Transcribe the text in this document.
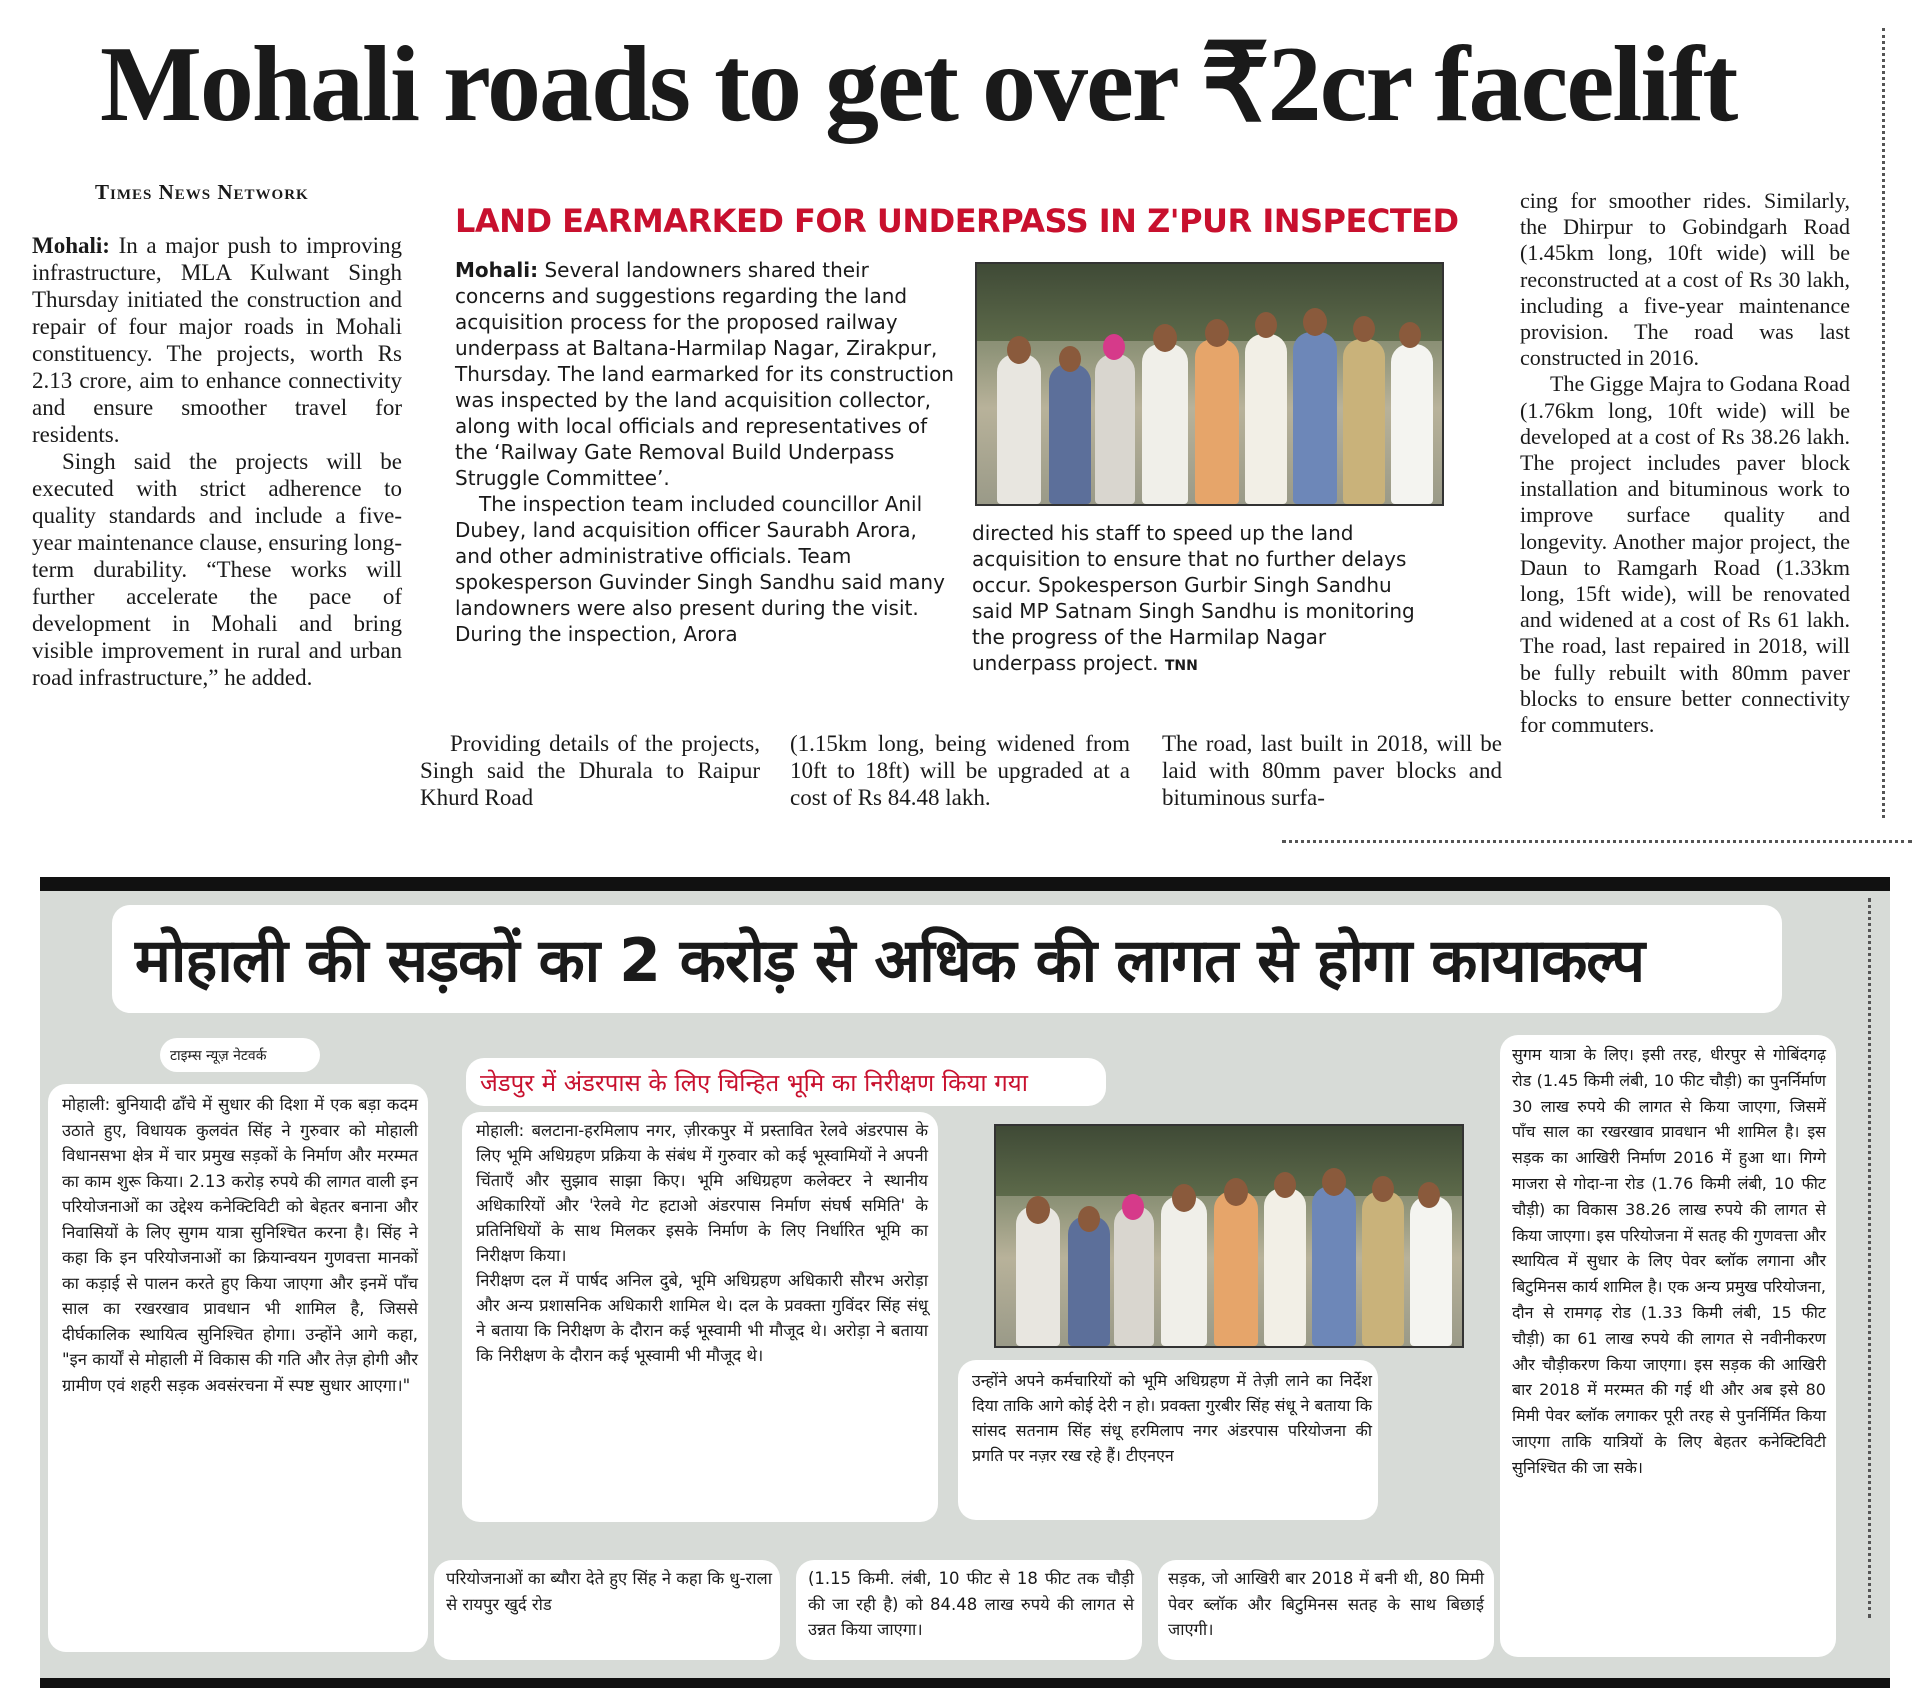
Mohali roads to get over ₹2cr facelift
Times News Network

Mohali: In a major push to improving infrastructure, MLA Kulwant Singh Thursday initiated the construction and repair of four major roads in Mohali constituency. The projects, worth Rs 2.13 crore, aim to enhance connectivity and ensure smoother travel for residents.

Singh said the projects will be executed with strict adherence to quality standards and include a five-year maintenance clause, ensuring long-term durability. “These works will further accelerate the pace of development in Mohali and bring visible improvement in rural and urban road infrastructure,” he added.

LAND EARMARKED FOR UNDERPASS IN Z'PUR INSPECTED

Mohali: Several landowners shared their concerns and suggestions regarding the land acquisition process for the proposed railway underpass at Baltana-Harmilap Nagar, Zirakpur, Thursday. The land earmarked for its construction was inspected by the land acquisition collector, along with local officials and representatives of the ‘Railway Gate Removal Build Underpass Struggle Committee’.

The inspection team included councillor Anil Dubey, land acquisition officer Saurabh Arora, and other administrative officials. Team spokesperson Guvinder Singh Sandhu said many landowners were also present during the visit. During the inspection, Arora

directed his staff to speed up the land acquisition to ensure that no further delays occur. Spokesperson Gurbir Singh Sandhu said MP Satnam Singh Sandhu is monitoring the progress of the Harmilap Nagar underpass project. TNN

Providing details of the projects, Singh said the Dhurala to Raipur Khurd Road

(1.15km long, being widened from 10ft to 18ft) will be upgraded at a cost of Rs 84.48 lakh.

The road, last built in 2018, will be laid with 80mm paver blocks and bituminous surfa-

cing for smoother rides. Similarly, the Dhirpur to Gobindgarh Road (1.45km long, 10ft wide) will be reconstructed at a cost of Rs 30 lakh, including a five-year maintenance provision. The road was last constructed in 2016.

The Gigge Majra to Godana Road (1.76km long, 10ft wide) will be developed at a cost of Rs 38.26 lakh. The project includes paver block installation and bituminous work to improve surface quality and longevity. Another major project, the Daun to Ramgarh Road (1.33km long, 15ft wide), will be renovated and widened at a cost of Rs 61 lakh. The road, last repaired in 2018, will be fully rebuilt with 80mm paver blocks to ensure better connectivity for commuters.

मोहाली की सड़कों का 2 करोड़ से अधिक की लागत से होगा कायाकल्प
टाइम्स न्यूज़ नेटवर्क
जेडपुर में अंडरपास के लिए चिन्हित भूमि का निरीक्षण किया गया

मोहाली: बुनियादी ढाँचे में सुधार की दिशा में एक बड़ा कदम उठाते हुए, विधायक कुलवंत सिंह ने गुरुवार को मोहाली विधानसभा क्षेत्र में चार प्रमुख सड़कों के निर्माण और मरम्मत का काम शुरू किया। 2.13 करोड़ रुपये की लागत वाली इन परियोजनाओं का उद्देश्य कनेक्टिविटी को बेहतर बनाना और निवासियों के लिए सुगम यात्रा सुनिश्चित करना है। सिंह ने कहा कि इन परियोजनाओं का क्रियान्वयन गुणवत्ता मानकों का कड़ाई से पालन करते हुए किया जाएगा और इनमें पाँच साल का रखरखाव प्रावधान भी शामिल है, जिससे दीर्घकालिक स्थायित्व सुनिश्चित होगा। उन्होंने आगे कहा, "इन कार्यों से मोहाली में विकास की गति और तेज़ होगी और ग्रामीण एवं शहरी सड़क अवसंरचना में स्पष्ट सुधार आएगा।"

मोहाली: बलटाना-हरमिलाप नगर, ज़ीरकपुर में प्रस्तावित रेलवे अंडरपास के लिए भूमि अधिग्रहण प्रक्रिया के संबंध में गुरुवार को कई भूस्वामियों ने अपनी चिंताएँ और सुझाव साझा किए। भूमि अधिग्रहण कलेक्टर ने स्थानीय अधिकारियों और 'रेलवे गेट हटाओ अंडरपास निर्माण संघर्ष समिति' के प्रतिनिधियों के साथ मिलकर इसके निर्माण के लिए निर्धारित भूमि का निरीक्षण किया।

निरीक्षण दल में पार्षद अनिल दुबे, भूमि अधिग्रहण अधिकारी सौरभ अरोड़ा और अन्य प्रशासनिक अधिकारी शामिल थे। दल के प्रवक्ता गुविंदर सिंह संधू ने बताया कि निरीक्षण के दौरान कई भूस्वामी भी मौजूद थे। अरोड़ा ने बताया कि निरीक्षण के दौरान कई भूस्वामी भी मौजूद थे।

उन्होंने अपने कर्मचारियों को भूमि अधिग्रहण में तेज़ी लाने का निर्देश दिया ताकि आगे कोई देरी न हो। प्रवक्ता गुरबीर सिंह संधू ने बताया कि सांसद सतनाम सिंह संधू हरमिलाप नगर अंडरपास परियोजना की प्रगति पर नज़र रख रहे हैं। टीएनएन

परियोजनाओं का ब्यौरा देते हुए सिंह ने कहा कि धु-राला से रायपुर खुर्द रोड

(1.15 किमी. लंबी, 10 फीट से 18 फीट तक चौड़ी की जा रही है) को 84.48 लाख रुपये की लागत से उन्नत किया जाएगा।

सड़क, जो आखिरी बार 2018 में बनी थी, 80 मिमी पेवर ब्लॉक और बिटुमिनस सतह के साथ बिछाई जाएगी।

सुगम यात्रा के लिए। इसी तरह, धीरपुर से गोबिंदगढ़ रोड (1.45 किमी लंबी, 10 फीट चौड़ी) का पुनर्निर्माण 30 लाख रुपये की लागत से किया जाएगा, जिसमें पाँच साल का रखरखाव प्रावधान भी शामिल है। इस सड़क का आखिरी निर्माण 2016 में हुआ था। गिग्गे माजरा से गोदा-ना रोड (1.76 किमी लंबी, 10 फीट चौड़ी) का विकास 38.26 लाख रुपये की लागत से किया जाएगा। इस परियोजना में सतह की गुणवत्ता और स्थायित्व में सुधार के लिए पेवर ब्लॉक लगाना और बिटुमिनस कार्य शामिल है। एक अन्य प्रमुख परियोजना, दौन से रामगढ़ रोड (1.33 किमी लंबी, 15 फीट चौड़ी) का 61 लाख रुपये की लागत से नवीनीकरण और चौड़ीकरण किया जाएगा। इस सड़क की आखिरी बार 2018 में मरम्मत की गई थी और अब इसे 80 मिमी पेवर ब्लॉक लगाकर पूरी तरह से पुनर्निर्मित किया जाएगा ताकि यात्रियों के लिए बेहतर कनेक्टिविटी सुनिश्चित की जा सके।
